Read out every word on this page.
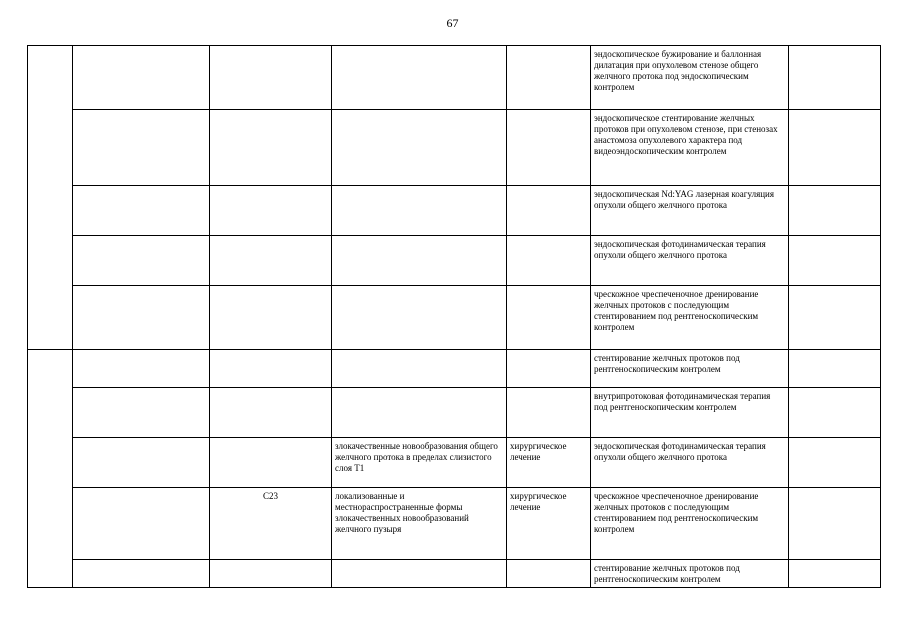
67
					эндоскопическое бужирование и баллонная дилатация при опухолевом стенозе общего желчного протока под эндоскопическим контролем	
					эндоскопическое стентирование желчных протоков при опухолевом стенозе, при стенозах анастомоза опухолевого характера под видеоэндоскопическим контролем	
					эндоскопическая Nd:YAG лазерная коагуляция опухоли общего желчного протока	
					эндоскопическая фотодинамическая терапия опухоли общего желчного протока	
					чрескожное чреспеченочное дренирование желчных протоков с последующим стентированием под рентгеноскопическим контролем	
					стентирование желчных протоков под рентгеноскопическим контролем	
					внутрипротоковая фотодинамическая терапия под рентгеноскопическим контролем	
			злокачественные новообразования общего желчного протока в пределах слизистого слоя T1	хирургическое лечение	эндоскопическая фотодинамическая терапия опухоли общего желчного протока	
		C23	локализованные и местнораспространенные формы злокачественных новообразований желчного пузыря	хирургическое лечение	чрескожное чреспеченочное дренирование желчных протоков с последующим стентированием под рентгеноскопическим контролем	
					стентирование желчных протоков под рентгеноскопическим контролем	
